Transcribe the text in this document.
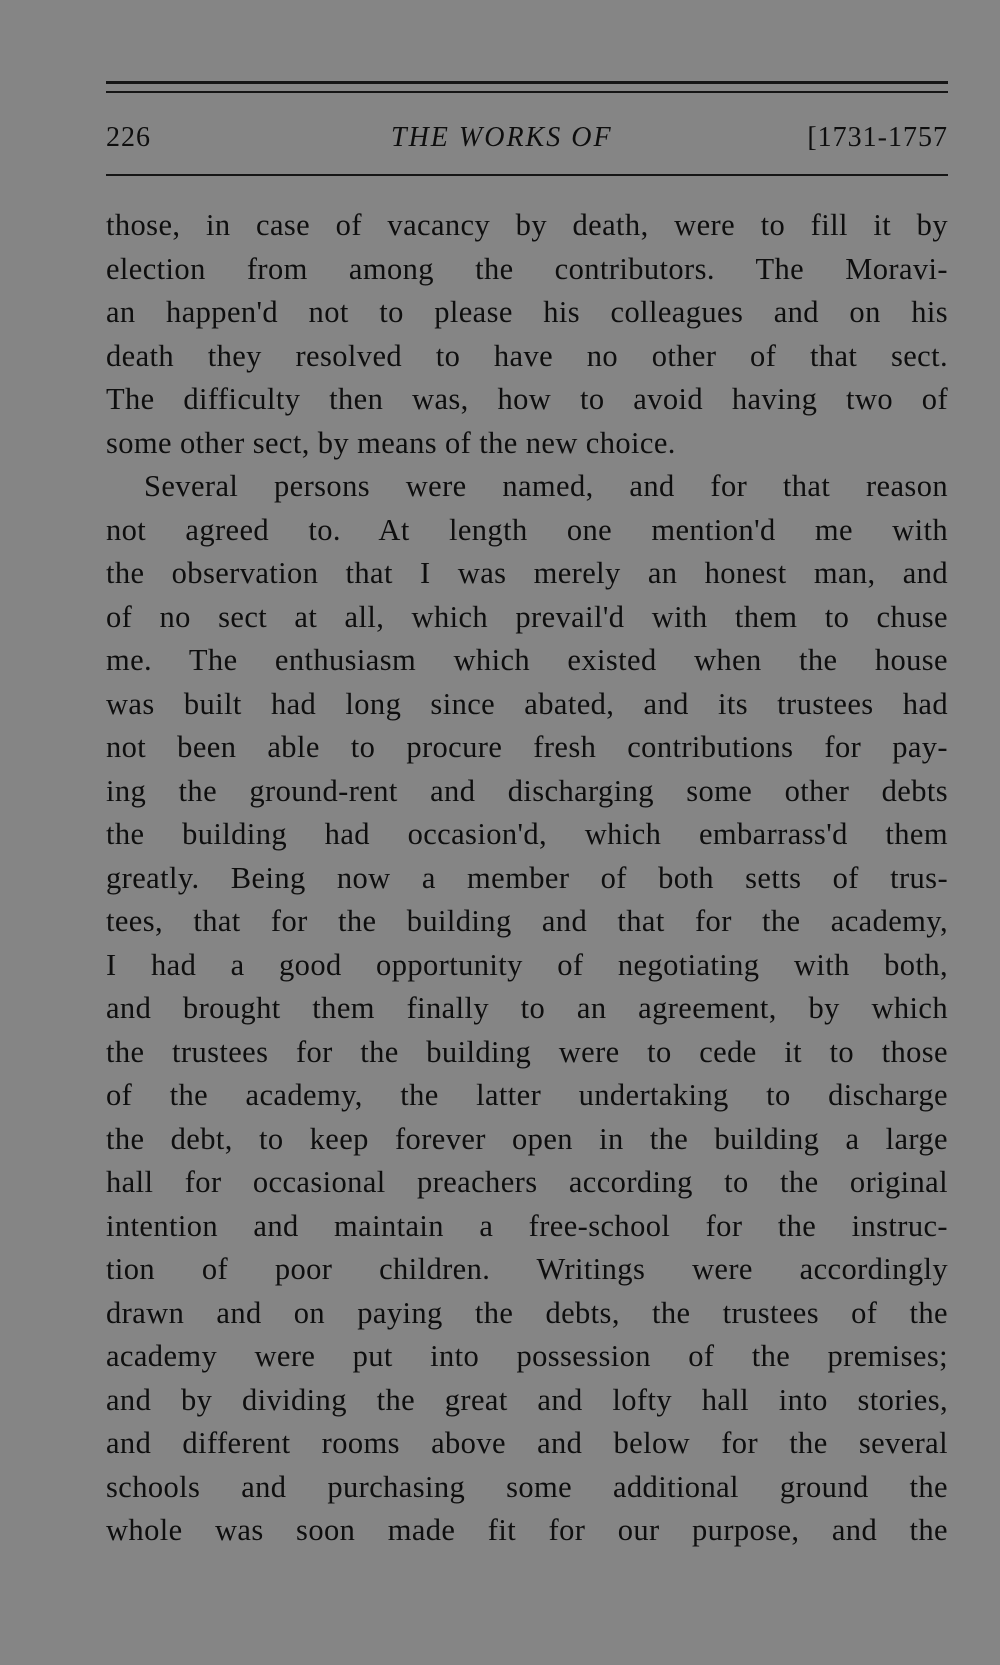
226	THE WORKS OF	[1731-1757
those, in case of vacancy by death, were to fill it by
election from among the contributors. The Moravi-
an happen'd not to please his colleagues and on his
death they resolved to have no other of that sect.
The difficulty then was, how to avoid having two of
some other sect, by means of the new choice.
Several persons were named, and for that reason
not agreed to. At length one mention'd me with
the observation that I was merely an honest man, and
of no sect at all, which prevail'd with them to chuse
me. The enthusiasm which existed when the house
was built had long since abated, and its trustees had
not been able to procure fresh contributions for pay-
ing the ground-rent and discharging some other debts
the building had occasion'd, which embarrass'd them
greatly. Being now a member of both setts of trus-
tees, that for the building and that for the academy,
I had a good opportunity of negotiating with both,
and brought them finally to an agreement, by which
the trustees for the building were to cede it to those
of the academy, the latter undertaking to discharge
the debt, to keep forever open in the building a large
hall for occasional preachers according to the original
intention and maintain a free-school for the instruc-
tion of poor children. Writings were accordingly
drawn and on paying the debts, the trustees of the
academy were put into possession of the premises;
and by dividing the great and lofty hall into stories,
and different rooms above and below for the several
schools and purchasing some additional ground the
whole was soon made fit for our purpose, and the
